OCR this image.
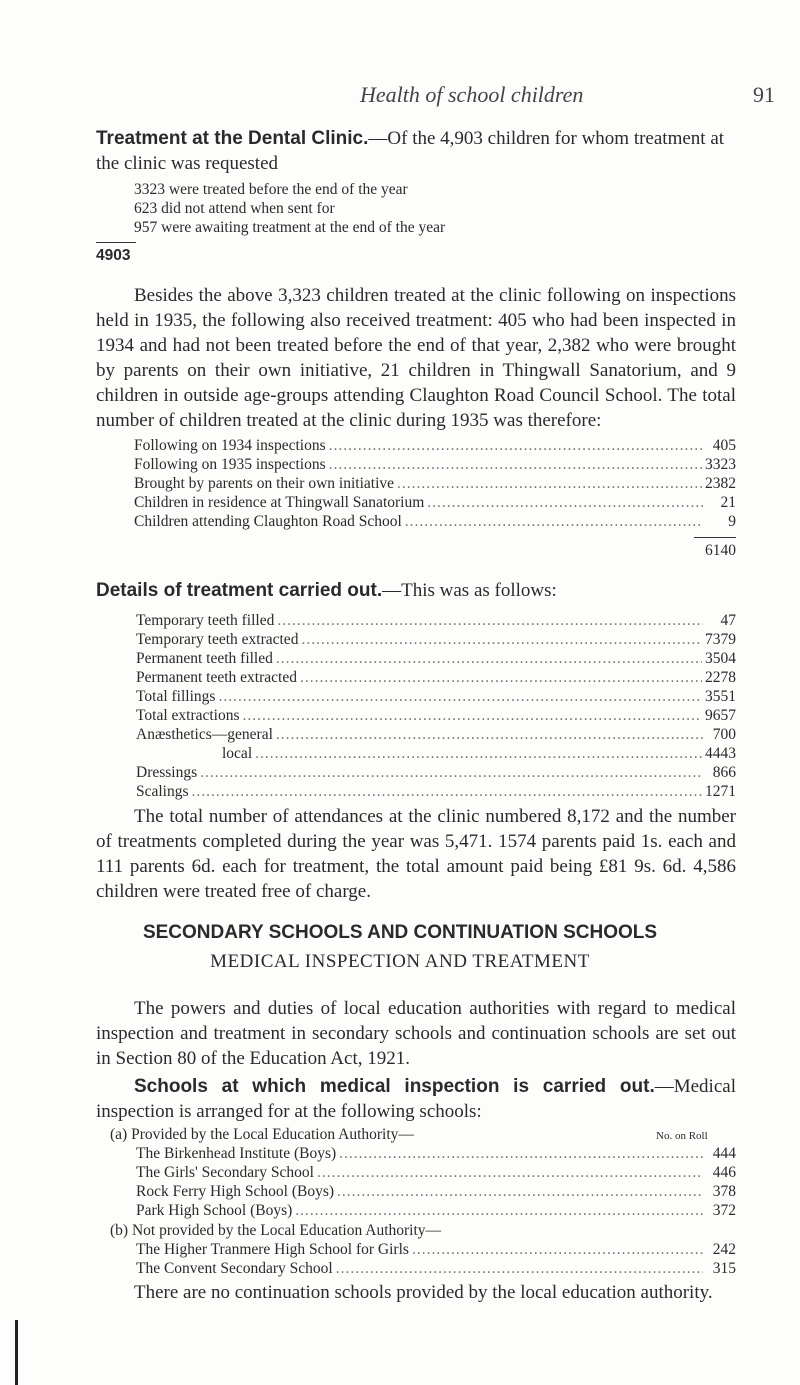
Health of school children	91

Treatment at the Dental Clinic.—Of the 4,903 children for whom treatment at the clinic was requested

3323 were treated before the end of the year
623 did not attend when sent for
957 were awaiting treatment at the end of the year
4903

Besides the above 3,323 children treated at the clinic following on inspections held in 1935, the following also received treatment: 405 who had been inspected in 1934 and had not been treated before the end of that year, 2,382 who were brought by parents on their own initiative, 21 children in Thingwall Sanatorium, and 9 children in outside age-groups attending Claughton Road Council School. The total number of children treated at the clinic during 1935 was therefore:

Following on 1934 inspections .....	405
Following on 1935 inspections .....	3323
Brought by parents on their own initiative .....	2382
Children in residence at Thingwall Sanatorium .....	21
Children attending Claughton Road School .....	9
6140

Details of treatment carried out.—This was as follows:

Temporary teeth filled .....	47
Temporary teeth extracted .....	7379
Permanent teeth filled .....	3504
Permanent teeth extracted .....	2278
Total fillings .....	3551
Total extractions .....	9657
Anæsthetics—general .....	700
local .....	4443
Dressings .....	866
Scalings .....	1271

The total number of attendances at the clinic numbered 8,172 and the number of treatments completed during the year was 5,471. 1574 parents paid 1s. each and 111 parents 6d. each for treatment, the total amount paid being £81 9s. 6d. 4,586 children were treated free of charge.

SECONDARY SCHOOLS AND CONTINUATION SCHOOLS
MEDICAL INSPECTION AND TREATMENT

The powers and duties of local education authorities with regard to medical inspection and treatment in secondary schools and continuation schools are set out in Section 80 of the Education Act, 1921.

Schools at which medical inspection is carried out.—Medical inspection is arranged for at the following schools:

(a) Provided by the Local Education Authority—	No. on Roll
The Birkenhead Institute (Boys) .....	444
The Girls' Secondary School .....	446
Rock Ferry High School (Boys) .....	378
Park High School (Boys) .....	372
(b) Not provided by the Local Education Authority—
The Higher Tranmere High School for Girls .....	242
The Convent Secondary School .....	315

There are no continuation schools provided by the local education authority.
